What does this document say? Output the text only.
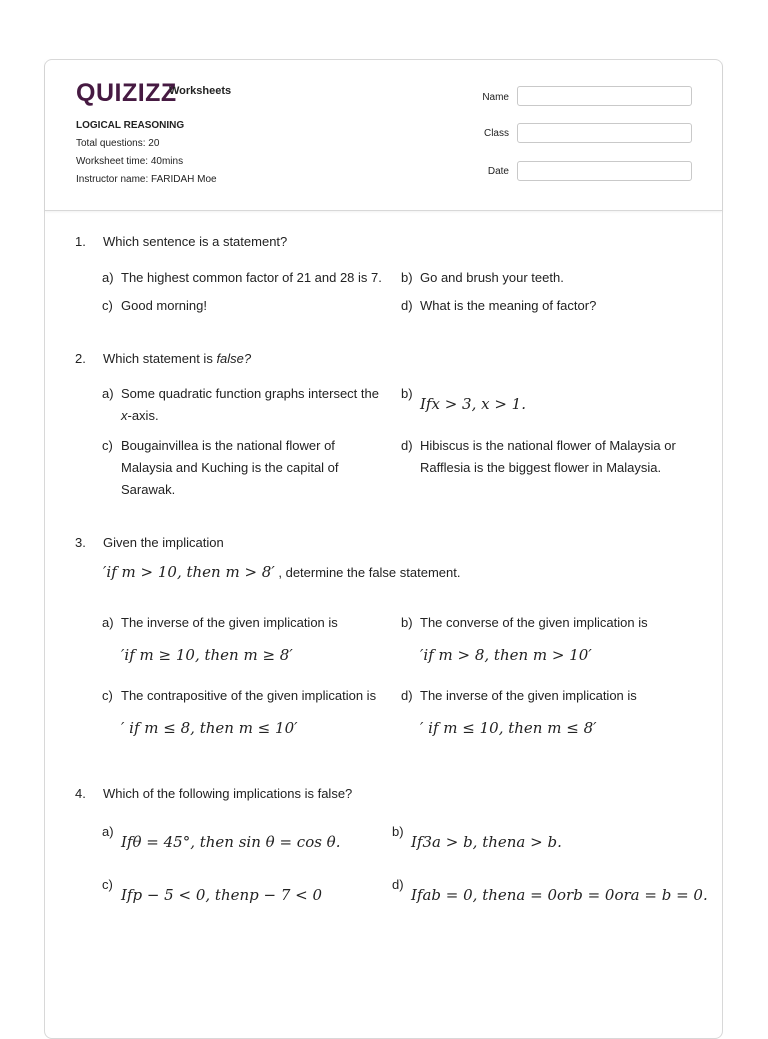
QUIZIZZ
Worksheets
LOGICAL REASONING
Total questions: 20
Worksheet time: 40mins
Instructor name: FARIDAH Moe
Name
Class
Date
1. Which sentence is a statement?
a) The highest common factor of 21 and 28 is 7. b) Go and brush your teeth.
c) Good morning!	d) What is the meaning of factor?
2. Which statement is false?
a) Some quadratic function graphs intersect the
x-axis.
b)
Ifx > 3, x > 1.
c) Bougainvillea is the national flower of
Malaysia and Kuching is the capital of
Sarawak.
d) Hibiscus is the national flower of Malaysia or
Rafflesia is the biggest flower in Malaysia.
3. Given the implication
′if m > 10, then m > 8′ , determine the false statement.
a) The inverse of the given implication is
′if m ≥ 10, then m ≥ 8′
b) The converse of the given implication is
′if m > 8, then m > 10′
c) The contrapositive of the given implication is
′ if m ≤ 8, then m ≤ 10′
d) The inverse of the given implication is
′ if m ≤ 10, then m ≤ 8′
4. Which of the following implications is false?
a)
Ifθ = 45°, then sin θ = cos θ.
b)
If3a > b, thena > b.
c)
Ifp − 5 < 0, thenp − 7 < 0
d)
Ifab = 0, thena = 0orb = 0ora = b = 0.
